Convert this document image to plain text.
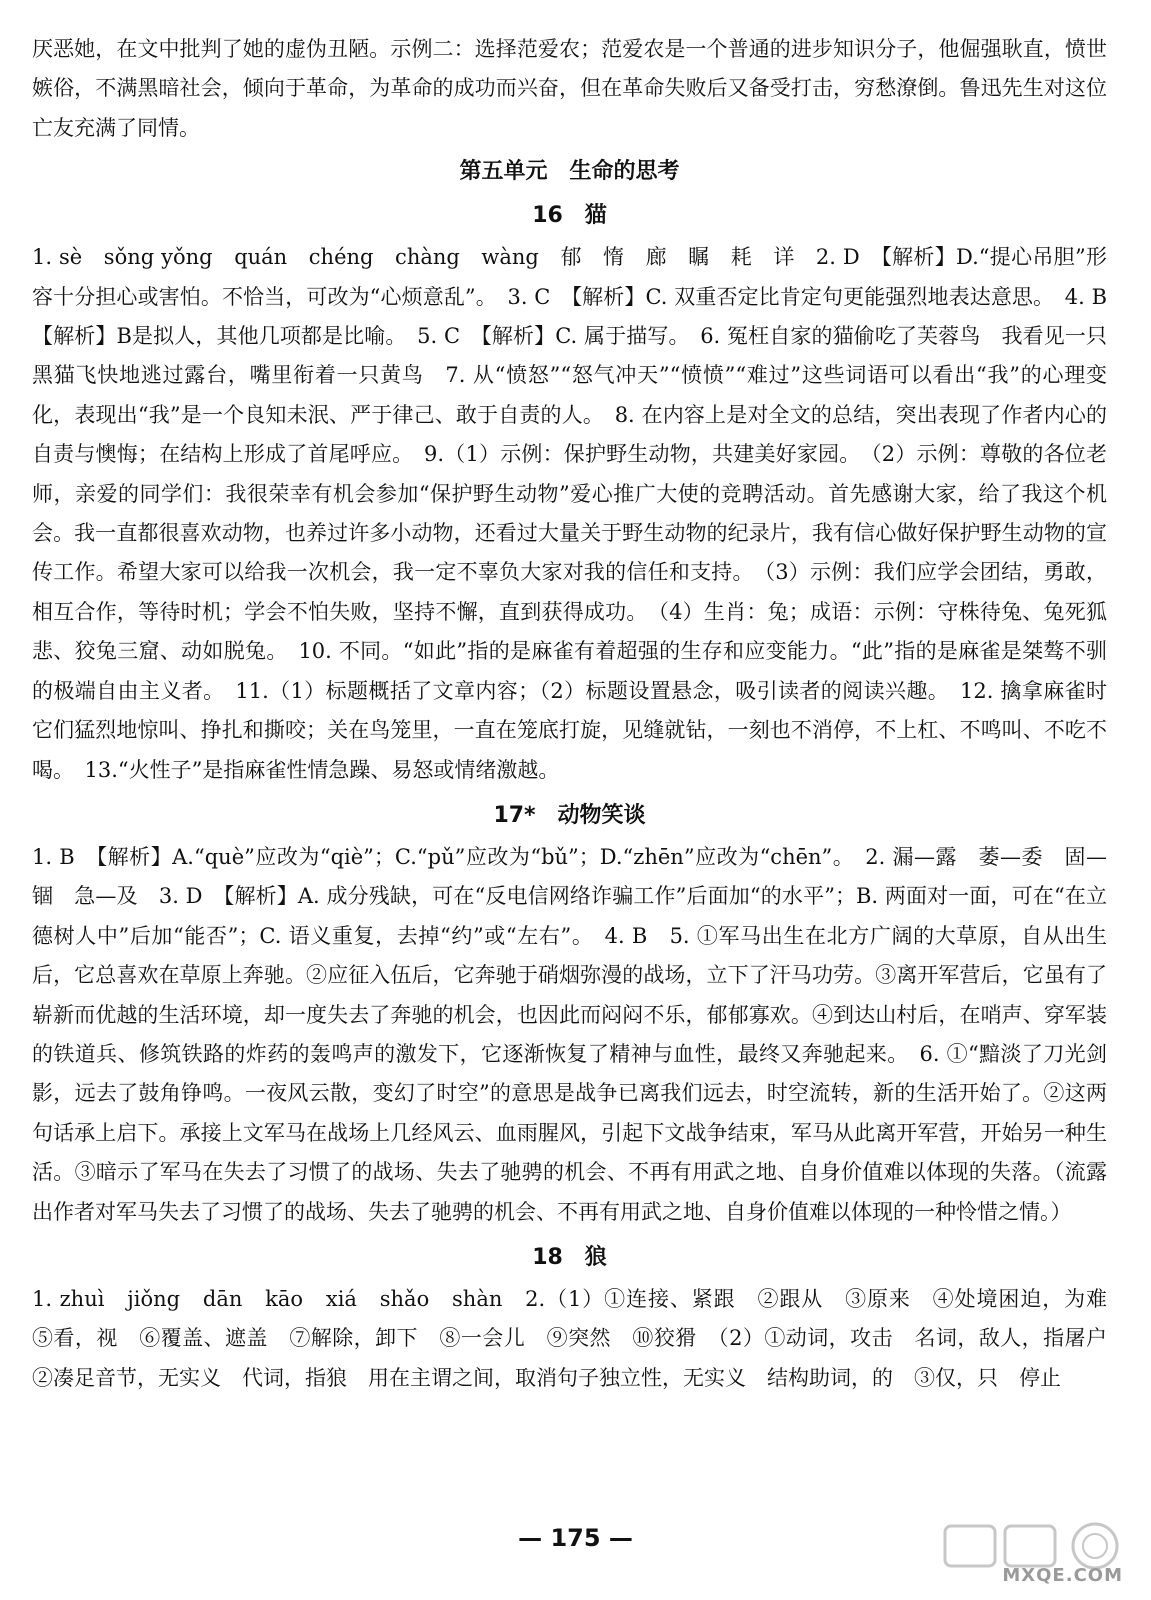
厌恶她，在文中批判了她的虚伪丑陋。示例二：选择范爱农；范爱农是一个普通的进步知识分子，他倔强耿直，愤世嫉俗，不满黑暗社会，倾向于革命，为革命的成功而兴奋，但在革命失败后又备受打击，穷愁潦倒。鲁迅先生对这位亡友充满了同情。

第五单元　生命的思考

16　猫

1. sè　sǒng yǒng　quán　chéng　chàng　wàng　郁　惰　廊　瞩　耗　详　2. D　【解析】D.“提心吊胆”形容十分担心或害怕。不恰当，可改为“心烦意乱”。　3. C　【解析】C. 双重否定比肯定句更能强烈地表达意思。　4. B　【解析】B是拟人，其他几项都是比喻。　5. C　【解析】C. 属于描写。　6. 冤枉自家的猫偷吃了芙蓉鸟　我看见一只黑猫飞快地逃过露台，嘴里衔着一只黄鸟　7. 从“愤怒”“怒气冲天”“愤愤”“难过”这些词语可以看出“我”的心理变化，表现出“我”是一个良知未泯、严于律己、敢于自责的人。　8. 在内容上是对全文的总结，突出表现了作者内心的自责与懊悔；在结构上形成了首尾呼应。　9.（1）示例：保护野生动物，共建美好家园。　（2）示例：尊敬的各位老师，亲爱的同学们：我很荣幸有机会参加“保护野生动物”爱心推广大使的竞聘活动。首先感谢大家，给了我这个机会。我一直都很喜欢动物，也养过许多小动物，还看过大量关于野生动物的纪录片，我有信心做好保护野生动物的宣传工作。希望大家可以给我一次机会，我一定不辜负大家对我的信任和支持。　（3）示例：我们应学会团结，勇敢，相互合作，等待时机；学会不怕失败，坚持不懈，直到获得成功。　（4）生肖：兔；成语：示例：守株待兔、兔死狐悲、狡兔三窟、动如脱兔。　10. 不同。“如此”指的是麻雀有着超强的生存和应变能力。“此”指的是麻雀是桀骜不驯的极端自由主义者。　11.（1）标题概括了文章内容；（2）标题设置悬念，吸引读者的阅读兴趣。　12. 擒拿麻雀时它们猛烈地惊叫、挣扎和撕咬；关在鸟笼里，一直在笼底打旋，见缝就钻，一刻也不消停，不上杠、不鸣叫、不吃不喝。　13.“火性子”是指麻雀性情急躁、易怒或情绪激越。

17*　动物笑谈

1. B　【解析】A.“què”应改为“qiè”；C.“pǔ”应改为“bǔ”；D.“zhēn”应改为“chēn”。　2. 漏—露　萎—委　固—锢　急—及　3. D　【解析】A. 成分残缺，可在“反电信网络诈骗工作”后面加“的水平”；B. 两面对一面，可在“在立德树人中”后加“能否”；C. 语义重复，去掉“约”或“左右”。　4. B　5. ①军马出生在北方广阔的大草原，自从出生后，它总喜欢在草原上奔驰。②应征入伍后，它奔驰于硝烟弥漫的战场，立下了汗马功劳。③离开军营后，它虽有了崭新而优越的生活环境，却一度失去了奔驰的机会，也因此而闷闷不乐，郁郁寡欢。④到达山村后，在哨声、穿军装的铁道兵、修筑铁路的炸药的轰鸣声的激发下，它逐渐恢复了精神与血性，最终又奔驰起来。　6. ①“黯淡了刀光剑影，远去了鼓角铮鸣。一夜风云散，变幻了时空”的意思是战争已离我们远去，时空流转，新的生活开始了。②这两句话承上启下。承接上文军马在战场上几经风云、血雨腥风，引起下文战争结束，军马从此离开军营，开始另一种生活。③暗示了军马在失去了习惯了的战场、失去了驰骋的机会、不再有用武之地、自身价值难以体现的失落。（流露出作者对军马失去了习惯了的战场、失去了驰骋的机会、不再有用武之地、自身价值难以体现的一种怜惜之情。）

18　狼

1. zhuì　jiǒng　dān　kāo　xiá　shǎo　shàn　2.（1）①连接、紧跟　②跟从　③原来　④处境困迫，为难　⑤看，视　⑥覆盖、遮盖　⑦解除，卸下　⑧一会儿　⑨突然　⑩狡猾　（2）①动词，攻击　名词，敌人，指屠户　②凑足音节，无实义　代词，指狼　用在主谓之间，取消句子独立性，无实义　结构助词，的　③仅，只　停止

— 175 —
MXQE.COM
